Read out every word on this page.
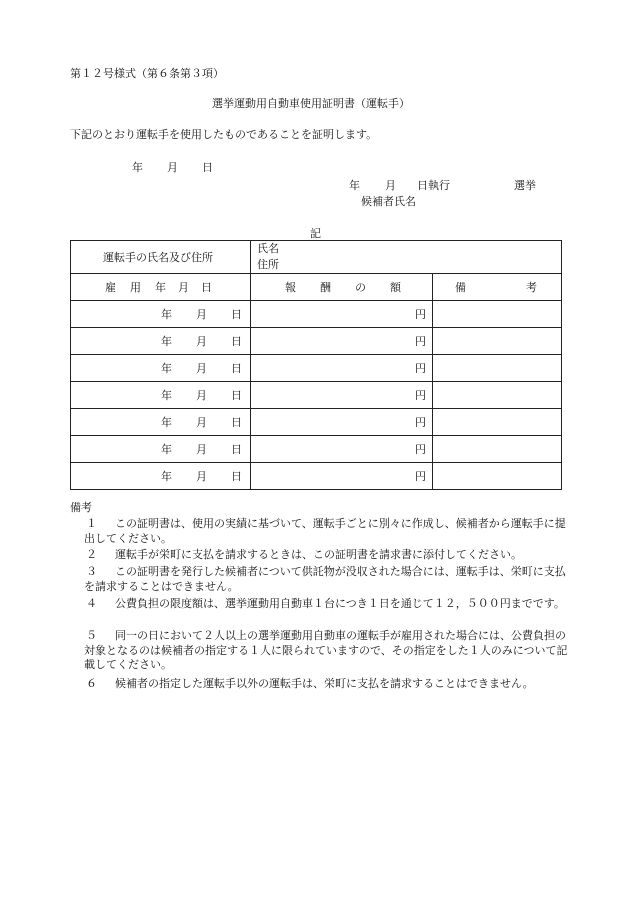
第１２号様式（第６条第３項）
選挙運動用自動車使用証明書（運転手）
下記のとおり運転手を使用したものであることを証明します。
年 月 日
年 月 日執行	選挙
候補者氏名
記
運転手の氏名及び住所	氏名
住所	

雇 用 年 月 日	報 酬 の 額	備 考
年 月 日	円	
年 月 日	円	
年 月 日	円	
年 月 日	円	
年 月 日	円	
年 月 日	円	
年 月 日	円	
備考
１	この証明書は、使用の実績に基づいて、運転手ごとに別々に作成し、候補者から運転手に提出してください。
２	運転手が栄町に支払を請求するときは、この証明書を請求書に添付してください。
３	この証明書を発行した候補者について供託物が没収された場合には、運転手は、栄町に支払を請求することはできません。
４	公費負担の限度額は、選挙運動用自動車１台につき１日を通じて１２，５００円までです。
５	同一の日において２人以上の選挙運動用自動車の運転手が雇用された場合には、公費負担の対象となるのは候補者の指定する１人に限られていますので、その指定をした１人のみについて記載してください。
６	候補者の指定した運転手以外の運転手は、栄町に支払を請求することはできません。
